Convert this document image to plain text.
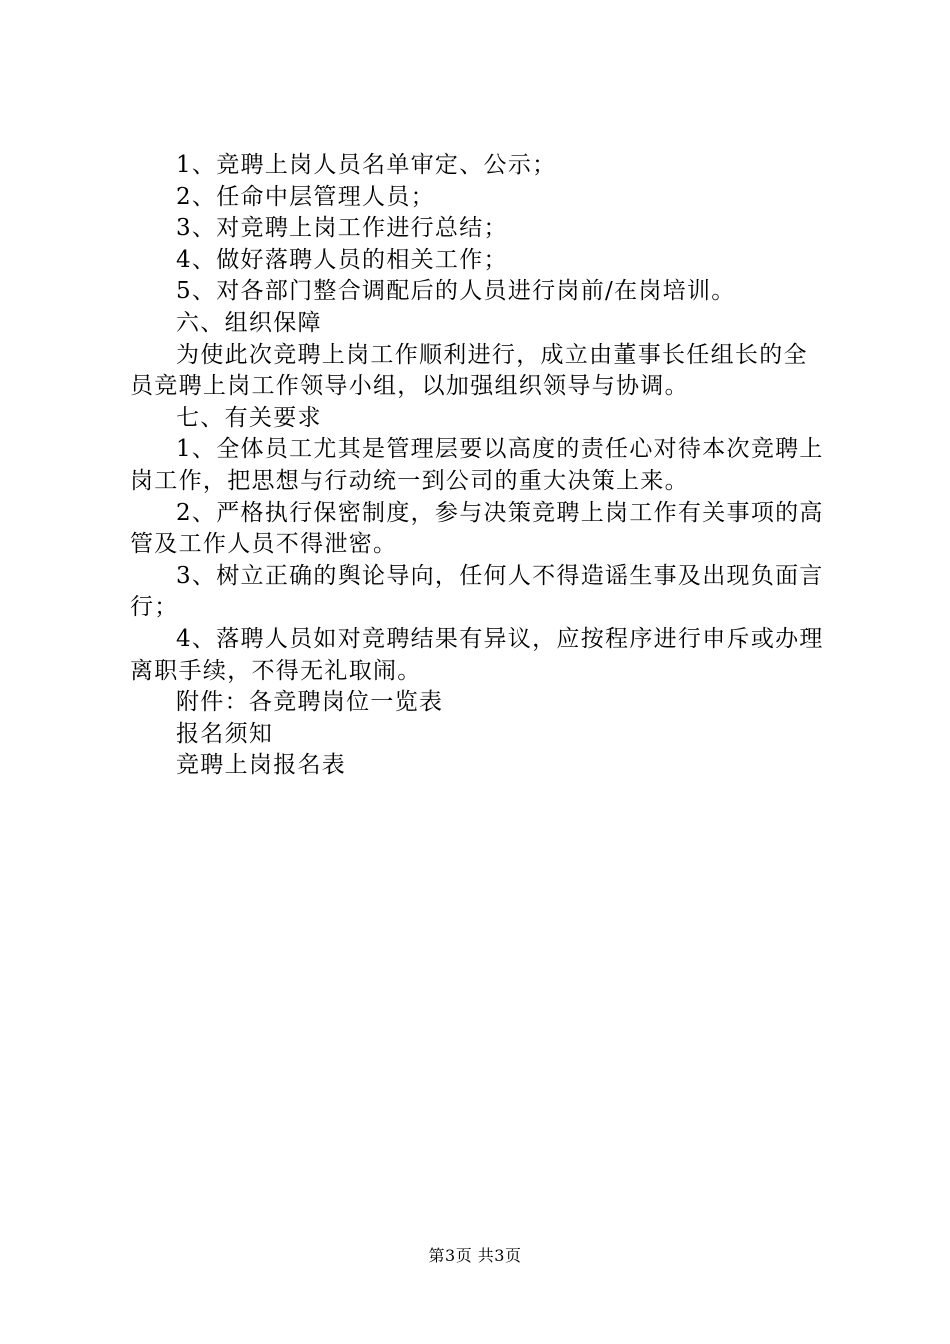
1、竞聘上岗人员名单审定、公示；

2、任命中层管理人员；

3、对竞聘上岗工作进行总结；

4、做好落聘人员的相关工作；

5、对各部门整合调配后的人员进行岗前/在岗培训。

六、组织保障

为使此次竞聘上岗工作顺利进行，成立由董事长任组长的全员竞聘上岗工作领导小组，以加强组织领导与协调。

七、有关要求

1、全体员工尤其是管理层要以高度的责任心对待本次竞聘上岗工作，把思想与行动统一到公司的重大决策上来。

2、严格执行保密制度，参与决策竞聘上岗工作有关事项的高管及工作人员不得泄密。

3、树立正确的舆论导向，任何人不得造谣生事及出现负面言行；

4、落聘人员如对竞聘结果有异议，应按程序进行申斥或办理离职手续，不得无礼取闹。

附件：各竞聘岗位一览表

报名须知

竞聘上岗报名表

第3页 共3页
